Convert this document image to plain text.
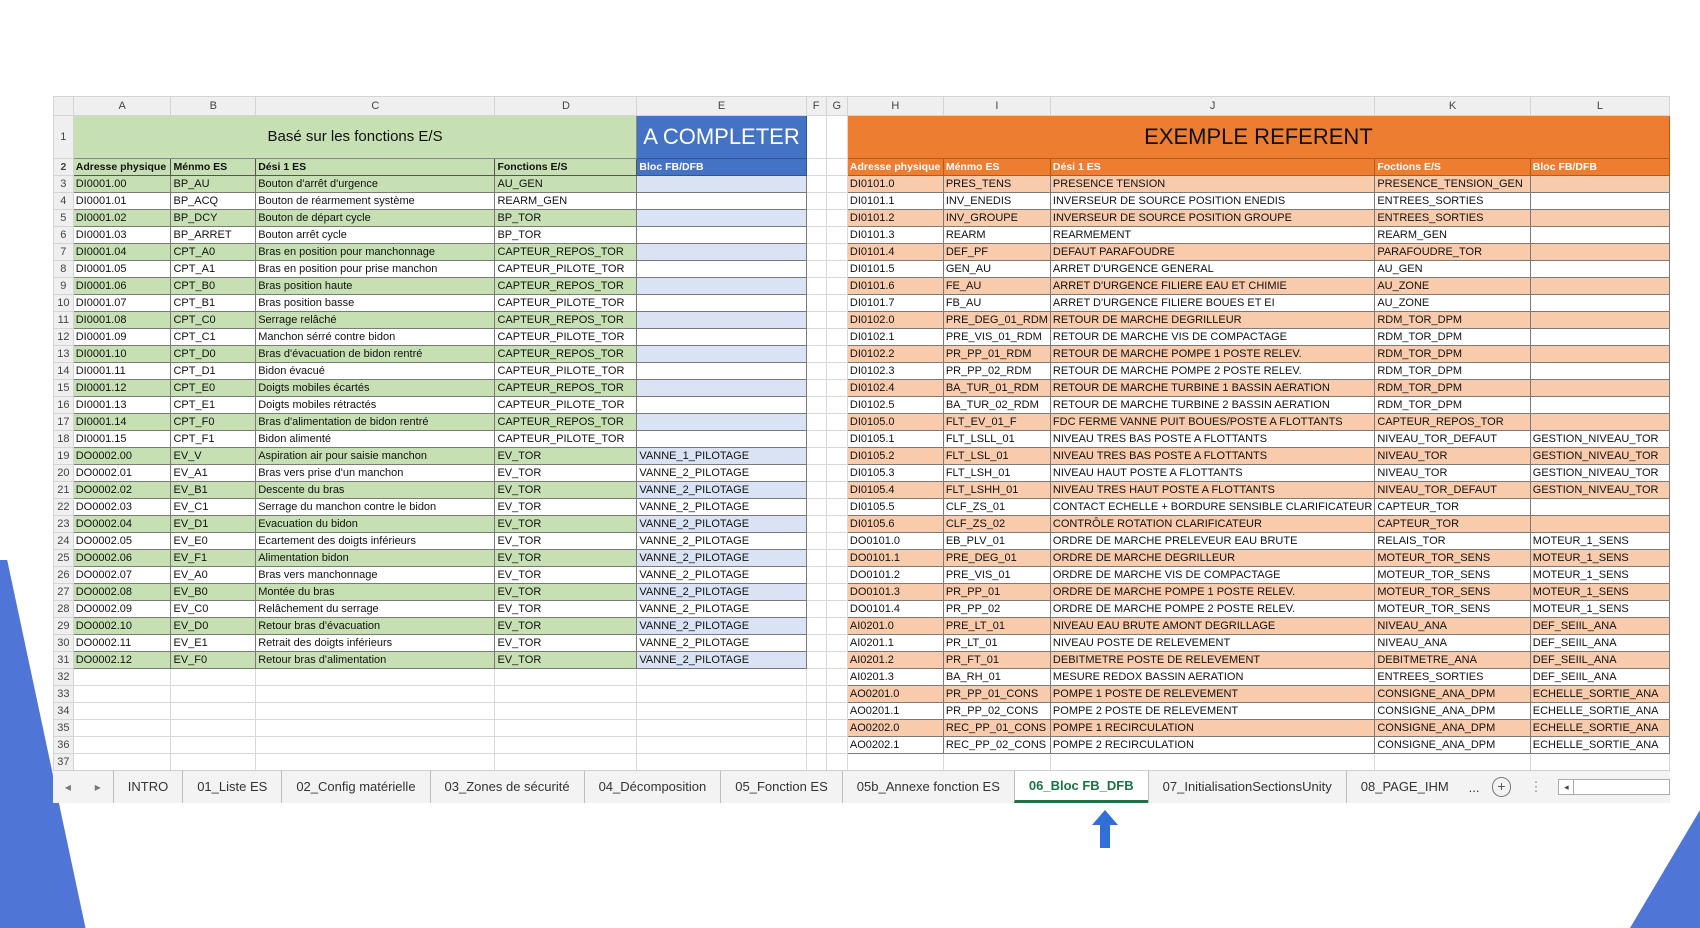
	A	B	C	D	E	F	G	H	I	J	K	L
1	Basé sur les fonctions E/S				A COMPLETER			EXEMPLE REFERENT				
2	Adresse physique	Ménmo ES	Dési 1 ES	Fonctions E/S	Bloc FB/DFB			Adresse physique	Ménmo ES	Dési 1 ES	Foctions E/S	Bloc FB/DFB
3	DI0001.00	BP_AU	Bouton d'arrêt d'urgence	AU_GEN				DI0101.0	PRES_TENS	PRESENCE TENSION	PRESENCE_TENSION_GEN	
4	DI0001.01	BP_ACQ	Bouton de réarmement système	REARM_GEN				DI0101.1	INV_ENEDIS	INVERSEUR DE SOURCE POSITION ENEDIS	ENTREES_SORTIES	
5	DI0001.02	BP_DCY	Bouton de départ cycle	BP_TOR				DI0101.2	INV_GROUPE	INVERSEUR DE SOURCE POSITION GROUPE	ENTREES_SORTIES	
6	DI0001.03	BP_ARRET	Bouton arrêt cycle	BP_TOR				DI0101.3	REARM	REARMEMENT	REARM_GEN	
7	DI0001.04	CPT_A0	Bras en position pour manchonnage	CAPTEUR_REPOS_TOR				DI0101.4	DEF_PF	DEFAUT PARAFOUDRE	PARAFOUDRE_TOR	
8	DI0001.05	CPT_A1	Bras en position pour prise manchon	CAPTEUR_PILOTE_TOR				DI0101.5	GEN_AU	ARRET D'URGENCE GENERAL	AU_GEN	
9	DI0001.06	CPT_B0	Bras position haute	CAPTEUR_REPOS_TOR				DI0101.6	FE_AU	ARRET D'URGENCE FILIERE EAU ET CHIMIE	AU_ZONE	
10	DI0001.07	CPT_B1	Bras position basse	CAPTEUR_PILOTE_TOR				DI0101.7	FB_AU	ARRET D'URGENCE FILIERE BOUES ET EI	AU_ZONE	
11	DI0001.08	CPT_C0	Serrage relâché	CAPTEUR_REPOS_TOR				DI0102.0	PRE_DEG_01_RDM	RETOUR DE MARCHE DEGRILLEUR	RDM_TOR_DPM	
12	DI0001.09	CPT_C1	Manchon sérré contre bidon	CAPTEUR_PILOTE_TOR				DI0102.1	PRE_VIS_01_RDM	RETOUR DE MARCHE VIS DE COMPACTAGE	RDM_TOR_DPM	
13	DI0001.10	CPT_D0	Bras d'évacuation de bidon rentré	CAPTEUR_REPOS_TOR				DI0102.2	PR_PP_01_RDM	RETOUR DE MARCHE POMPE 1 POSTE RELEV.	RDM_TOR_DPM	
14	DI0001.11	CPT_D1	Bidon évacué	CAPTEUR_PILOTE_TOR				DI0102.3	PR_PP_02_RDM	RETOUR DE MARCHE POMPE 2 POSTE RELEV.	RDM_TOR_DPM	
15	DI0001.12	CPT_E0	Doigts mobiles écartés	CAPTEUR_REPOS_TOR				DI0102.4	BA_TUR_01_RDM	RETOUR DE MARCHE TURBINE 1 BASSIN AERATION	RDM_TOR_DPM	
16	DI0001.13	CPT_E1	Doigts mobiles rétractés	CAPTEUR_PILOTE_TOR				DI0102.5	BA_TUR_02_RDM	RETOUR DE MARCHE TURBINE 2 BASSIN AERATION	RDM_TOR_DPM	
17	DI0001.14	CPT_F0	Bras d'alimentation de bidon rentré	CAPTEUR_REPOS_TOR				DI0105.0	FLT_EV_01_F	FDC FERME VANNE PUIT BOUES/POSTE A FLOTTANTS	CAPTEUR_REPOS_TOR	
18	DI0001.15	CPT_F1	Bidon alimenté	CAPTEUR_PILOTE_TOR				DI0105.1	FLT_LSLL_01	NIVEAU TRES BAS POSTE A FLOTTANTS	NIVEAU_TOR_DEFAUT	GESTION_NIVEAU_TOR
19	DO0002.00	EV_V	Aspiration air pour saisie manchon	EV_TOR	VANNE_1_PILOTAGE			DI0105.2	FLT_LSL_01	NIVEAU TRES BAS POSTE A FLOTTANTS	NIVEAU_TOR	GESTION_NIVEAU_TOR
20	DO0002.01	EV_A1	Bras vers prise d'un manchon	EV_TOR	VANNE_2_PILOTAGE			DI0105.3	FLT_LSH_01	NIVEAU HAUT POSTE A FLOTTANTS	NIVEAU_TOR	GESTION_NIVEAU_TOR
21	DO0002.02	EV_B1	Descente du bras	EV_TOR	VANNE_2_PILOTAGE			DI0105.4	FLT_LSHH_01	NIVEAU TRES HAUT POSTE A FLOTTANTS	NIVEAU_TOR_DEFAUT	GESTION_NIVEAU_TOR
22	DO0002.03	EV_C1	Serrage du manchon contre le bidon	EV_TOR	VANNE_2_PILOTAGE			DI0105.5	CLF_ZS_01	CONTACT ECHELLE + BORDURE SENSIBLE CLARIFICATEUR	CAPTEUR_TOR	
23	DO0002.04	EV_D1	Evacuation du bidon	EV_TOR	VANNE_2_PILOTAGE			DI0105.6	CLF_ZS_02	CONTRÔLE ROTATION CLARIFICATEUR	CAPTEUR_TOR	
24	DO0002.05	EV_E0	Ecartement des doigts inférieurs	EV_TOR	VANNE_2_PILOTAGE			DO0101.0	EB_PLV_01	ORDRE DE MARCHE PRELEVEUR EAU BRUTE	RELAIS_TOR	MOTEUR_1_SENS
25	DO0002.06	EV_F1	Alimentation bidon	EV_TOR	VANNE_2_PILOTAGE			DO0101.1	PRE_DEG_01	ORDRE DE MARCHE DEGRILLEUR	MOTEUR_TOR_SENS	MOTEUR_1_SENS
26	DO0002.07	EV_A0	Bras vers manchonnage	EV_TOR	VANNE_2_PILOTAGE			DO0101.2	PRE_VIS_01	ORDRE DE MARCHE VIS DE COMPACTAGE	MOTEUR_TOR_SENS	MOTEUR_1_SENS
27	DO0002.08	EV_B0	Montée du bras	EV_TOR	VANNE_2_PILOTAGE			DO0101.3	PR_PP_01	ORDRE DE MARCHE POMPE 1 POSTE RELEV.	MOTEUR_TOR_SENS	MOTEUR_1_SENS
28	DO0002.09	EV_C0	Relâchement du serrage	EV_TOR	VANNE_2_PILOTAGE			DO0101.4	PR_PP_02	ORDRE DE MARCHE POMPE 2 POSTE RELEV.	MOTEUR_TOR_SENS	MOTEUR_1_SENS
29	DO0002.10	EV_D0	Retour bras d'évacuation	EV_TOR	VANNE_2_PILOTAGE			AI0201.0	PRE_LT_01	NIVEAU EAU BRUTE AMONT DEGRILLAGE	NIVEAU_ANA	DEF_SEIIL_ANA
30	DO0002.11	EV_E1	Retrait des doigts inférieurs	EV_TOR	VANNE_2_PILOTAGE			AI0201.1	PR_LT_01	NIVEAU POSTE DE RELEVEMENT	NIVEAU_ANA	DEF_SEIIL_ANA
31	DO0002.12	EV_F0	Retour bras d'alimentation	EV_TOR	VANNE_2_PILOTAGE			AI0201.2	PR_FT_01	DEBITMETRE POSTE DE RELEVEMENT	DEBITMETRE_ANA	DEF_SEIIL_ANA
32								AI0201.3	BA_RH_01	MESURE REDOX BASSIN AERATION	ENTREES_SORTIES	DEF_SEIIL_ANA
33								AO0201.0	PR_PP_01_CONS	POMPE 1 POSTE DE RELEVEMENT	CONSIGNE_ANA_DPM	ECHELLE_SORTIE_ANA
34								AO0201.1	PR_PP_02_CONS	POMPE 2 POSTE DE RELEVEMENT	CONSIGNE_ANA_DPM	ECHELLE_SORTIE_ANA
35								AO0202.0	REC_PP_01_CONS	POMPE 1 RECIRCULATION	CONSIGNE_ANA_DPM	ECHELLE_SORTIE_ANA
36								AO0202.1	REC_PP_02_CONS	POMPE 2 RECIRCULATION	CONSIGNE_ANA_DPM	ECHELLE_SORTIE_ANA
37												
◂	▸	INTRO	01_Liste ES	02_Config matérielle	03_Zones de sécurité	04_Décomposition	05_Fonction ES	05b_Annexe fonction ES	06_Bloc FB_DFB	07_InitialisationSectionsUnity	08_PAGE_IHM	...	+	⋮	◂
